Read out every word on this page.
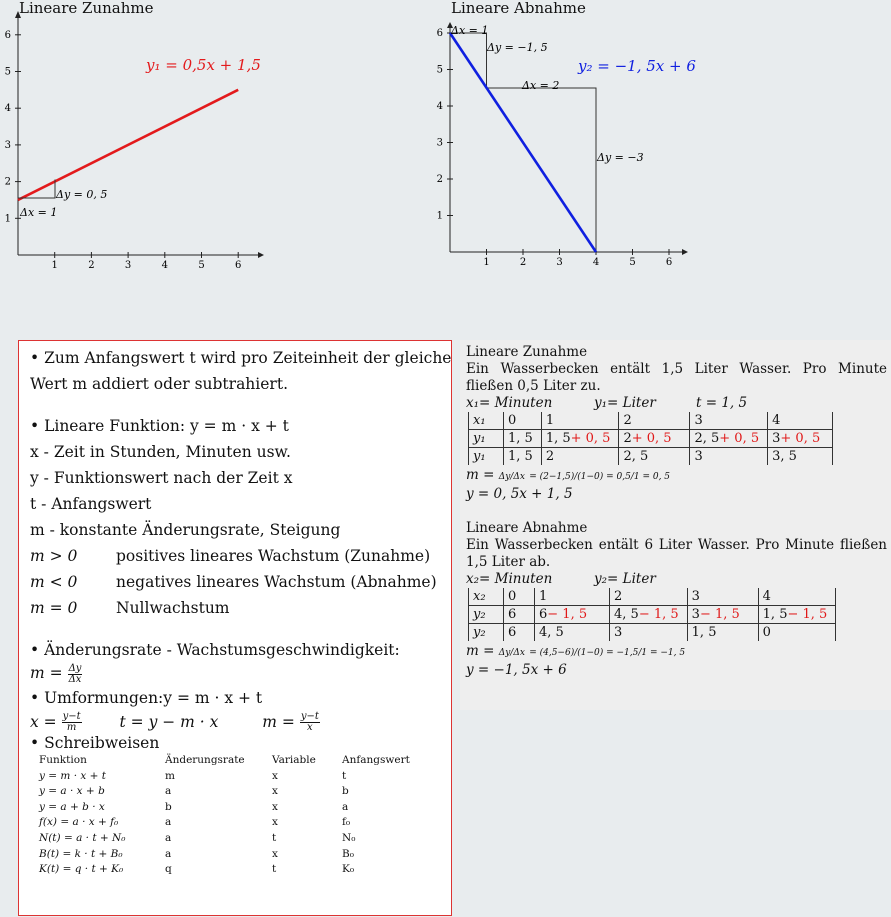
Lineare Zunahme
1	2	3	4	5	6
1
2
3
4
5
6
Δx = 1
Δy = 0, 5
y₁ = 0,5x + 1,5
Lineare Abnahme
1	2	3	4	5	6
1
2
3
4
5
6 Δx = 1
Δy = −1, 5
Δx = 2
Δy = −3
y₂ = −1, 5x + 6
• Zum Anfangswert t wird pro Zeiteinheit der gleiche
Wert m addiert oder subtrahiert.
• Lineare Funktion: y = m · x + t
x - Zeit in Stunden, Minuten usw.
y - Funktionswert nach der Zeit x
t - Anfangswert
m - konstante Änderungsrate, Steigung
m > 0 positives lineares Wachstum (Zunahme)
m < 0 negatives lineares Wachstum (Abnahme)
m = 0 Nullwachstum
• Änderungsrate - Wachstumsgeschwindigkeit:
$m = \frac{\Delta y}{\Delta x}$
• Umformungen:y = m · x + t
$x = \frac{y-t}{m}$ t = y − m · x	$m = \frac{y-t}{x}$
• Schreibweisen
Funktion	Änderungsrate	Variable	Anfangswert
y = m · x + t	m	x	t
y = a · x + b	a	x	b
y = a + b · x	b	x	a
f(x) = a · x + f₀	a	x	f₀
N(t) = a · t + N₀	a	t	N₀
B(t) = k · t + B₀	a	x	B₀
K(t) = q · t + K₀	q	t	K₀
Lineare Zunahme
Ein Wasserbecken entält 1,5 Liter Wasser. Pro Minute fließen 0,5 Liter zu.
x₁= Minuten	y₁= Liter	t = 1, 5
x₁	0	1	2	3	4
y₁	1, 5	1, 5+ 0, 5	2+ 0, 5	2, 5+ 0, 5	3+ 0, 5
y₁	1, 5	2	2, 5	3	3, 5
m = Δy/Δx = (2−1,5)/(1−0) = 0,5/1 = 0, 5
y = 0, 5x + 1, 5
Lineare Abnahme
Ein Wasserbecken entält 6 Liter Wasser. Pro Minute fließen 1,5 Liter ab.
x₂= Minuten	y₂= Liter
x₂	0	1	2	3	4
y₂	6	6− 1, 5	4, 5− 1, 5	3− 1, 5	1, 5− 1, 5
y₂	6	4, 5	3	1, 5	0
m = Δy/Δx = (4,5−6)/(1−0) = −1,5/1 = −1, 5
y = −1, 5x + 6
